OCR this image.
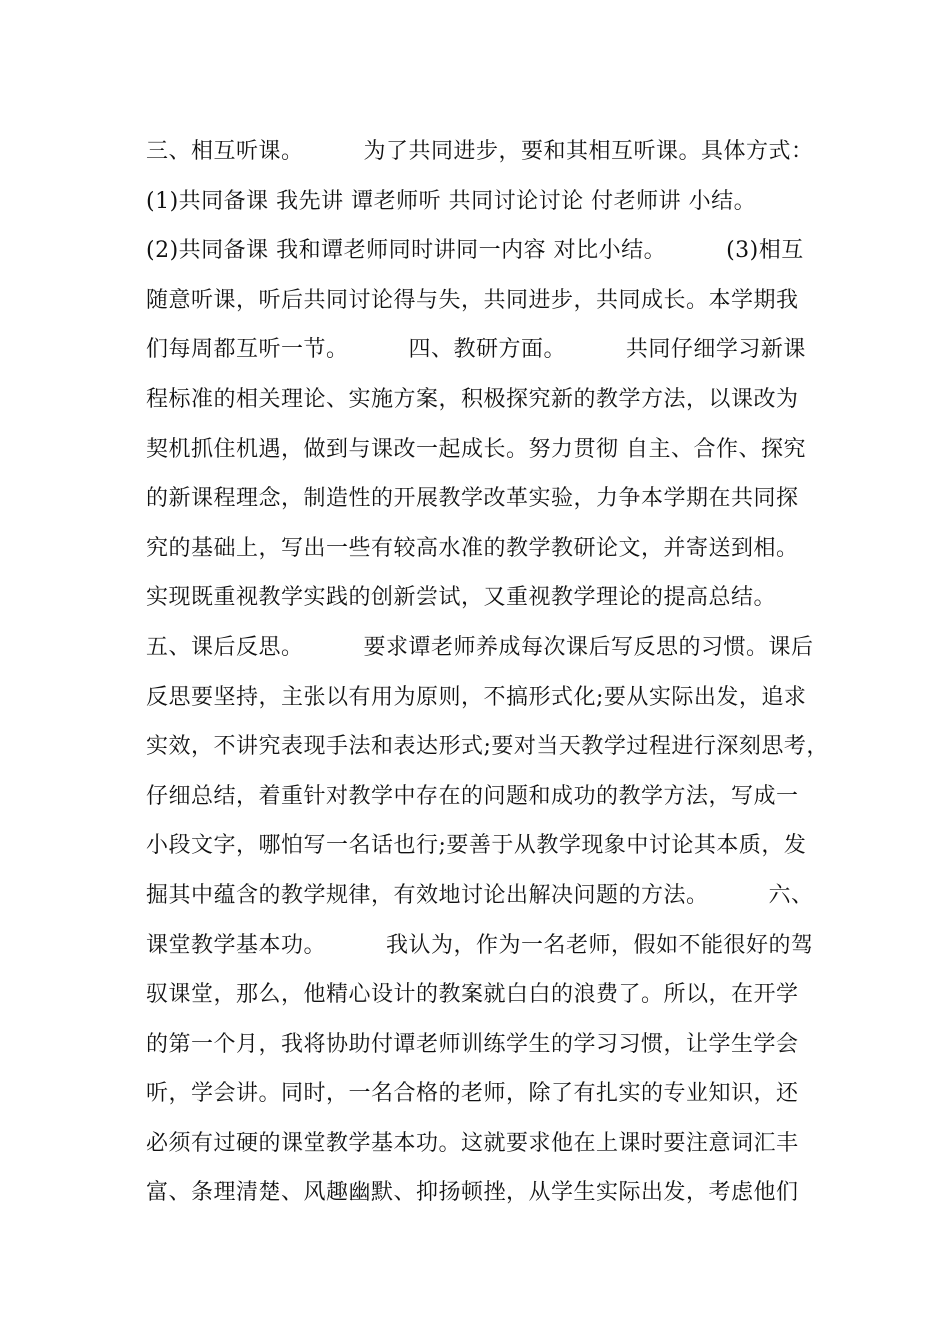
三、相互听课。        为了共同进步，要和其相互听课。具体方式：
(1)共同备课 我先讲 谭老师听 共同讨论讨论 付老师讲 小结。
(2)共同备课 我和谭老师同时讲同一内容 对比小结。        (3)相互
随意听课，听后共同讨论得与失，共同进步，共同成长。本学期我
们每周都互听一节。        四、教研方面。        共同仔细学习新课
程标准的相关理论、实施方案，积极探究新的教学方法，以课改为
契机抓住机遇，做到与课改一起成长。努力贯彻 自主、合作、探究
的新课程理念，制造性的开展教学改革实验，力争本学期在共同探
究的基础上，写出一些有较高水准的教学教研论文，并寄送到相。
实现既重视教学实践的创新尝试，又重视教学理论的提高总结。
五、课后反思。        要求谭老师养成每次课后写反思的习惯。课后
反思要坚持，主张以有用为原则，不搞形式化;要从实际出发，追求
实效，不讲究表现手法和表达形式;要对当天教学过程进行深刻思考，
仔细总结，着重针对教学中存在的问题和成功的教学方法，写成一
小段文字，哪怕写一名话也行;要善于从教学现象中讨论其本质，发
掘其中蕴含的教学规律，有效地讨论出解决问题的方法。        六、
课堂教学基本功。        我认为，作为一名老师，假如不能很好的驾
驭课堂，那么，他精心设计的教案就白白的浪费了。所以，在开学
的第一个月，我将协助付谭老师训练学生的学习习惯，让学生学会
听，学会讲。同时，一名合格的老师，除了有扎实的专业知识，还
必须有过硬的课堂教学基本功。这就要求他在上课时要注意词汇丰
富、条理清楚、风趣幽默、抑扬顿挫，从学生实际出发，考虑他们
